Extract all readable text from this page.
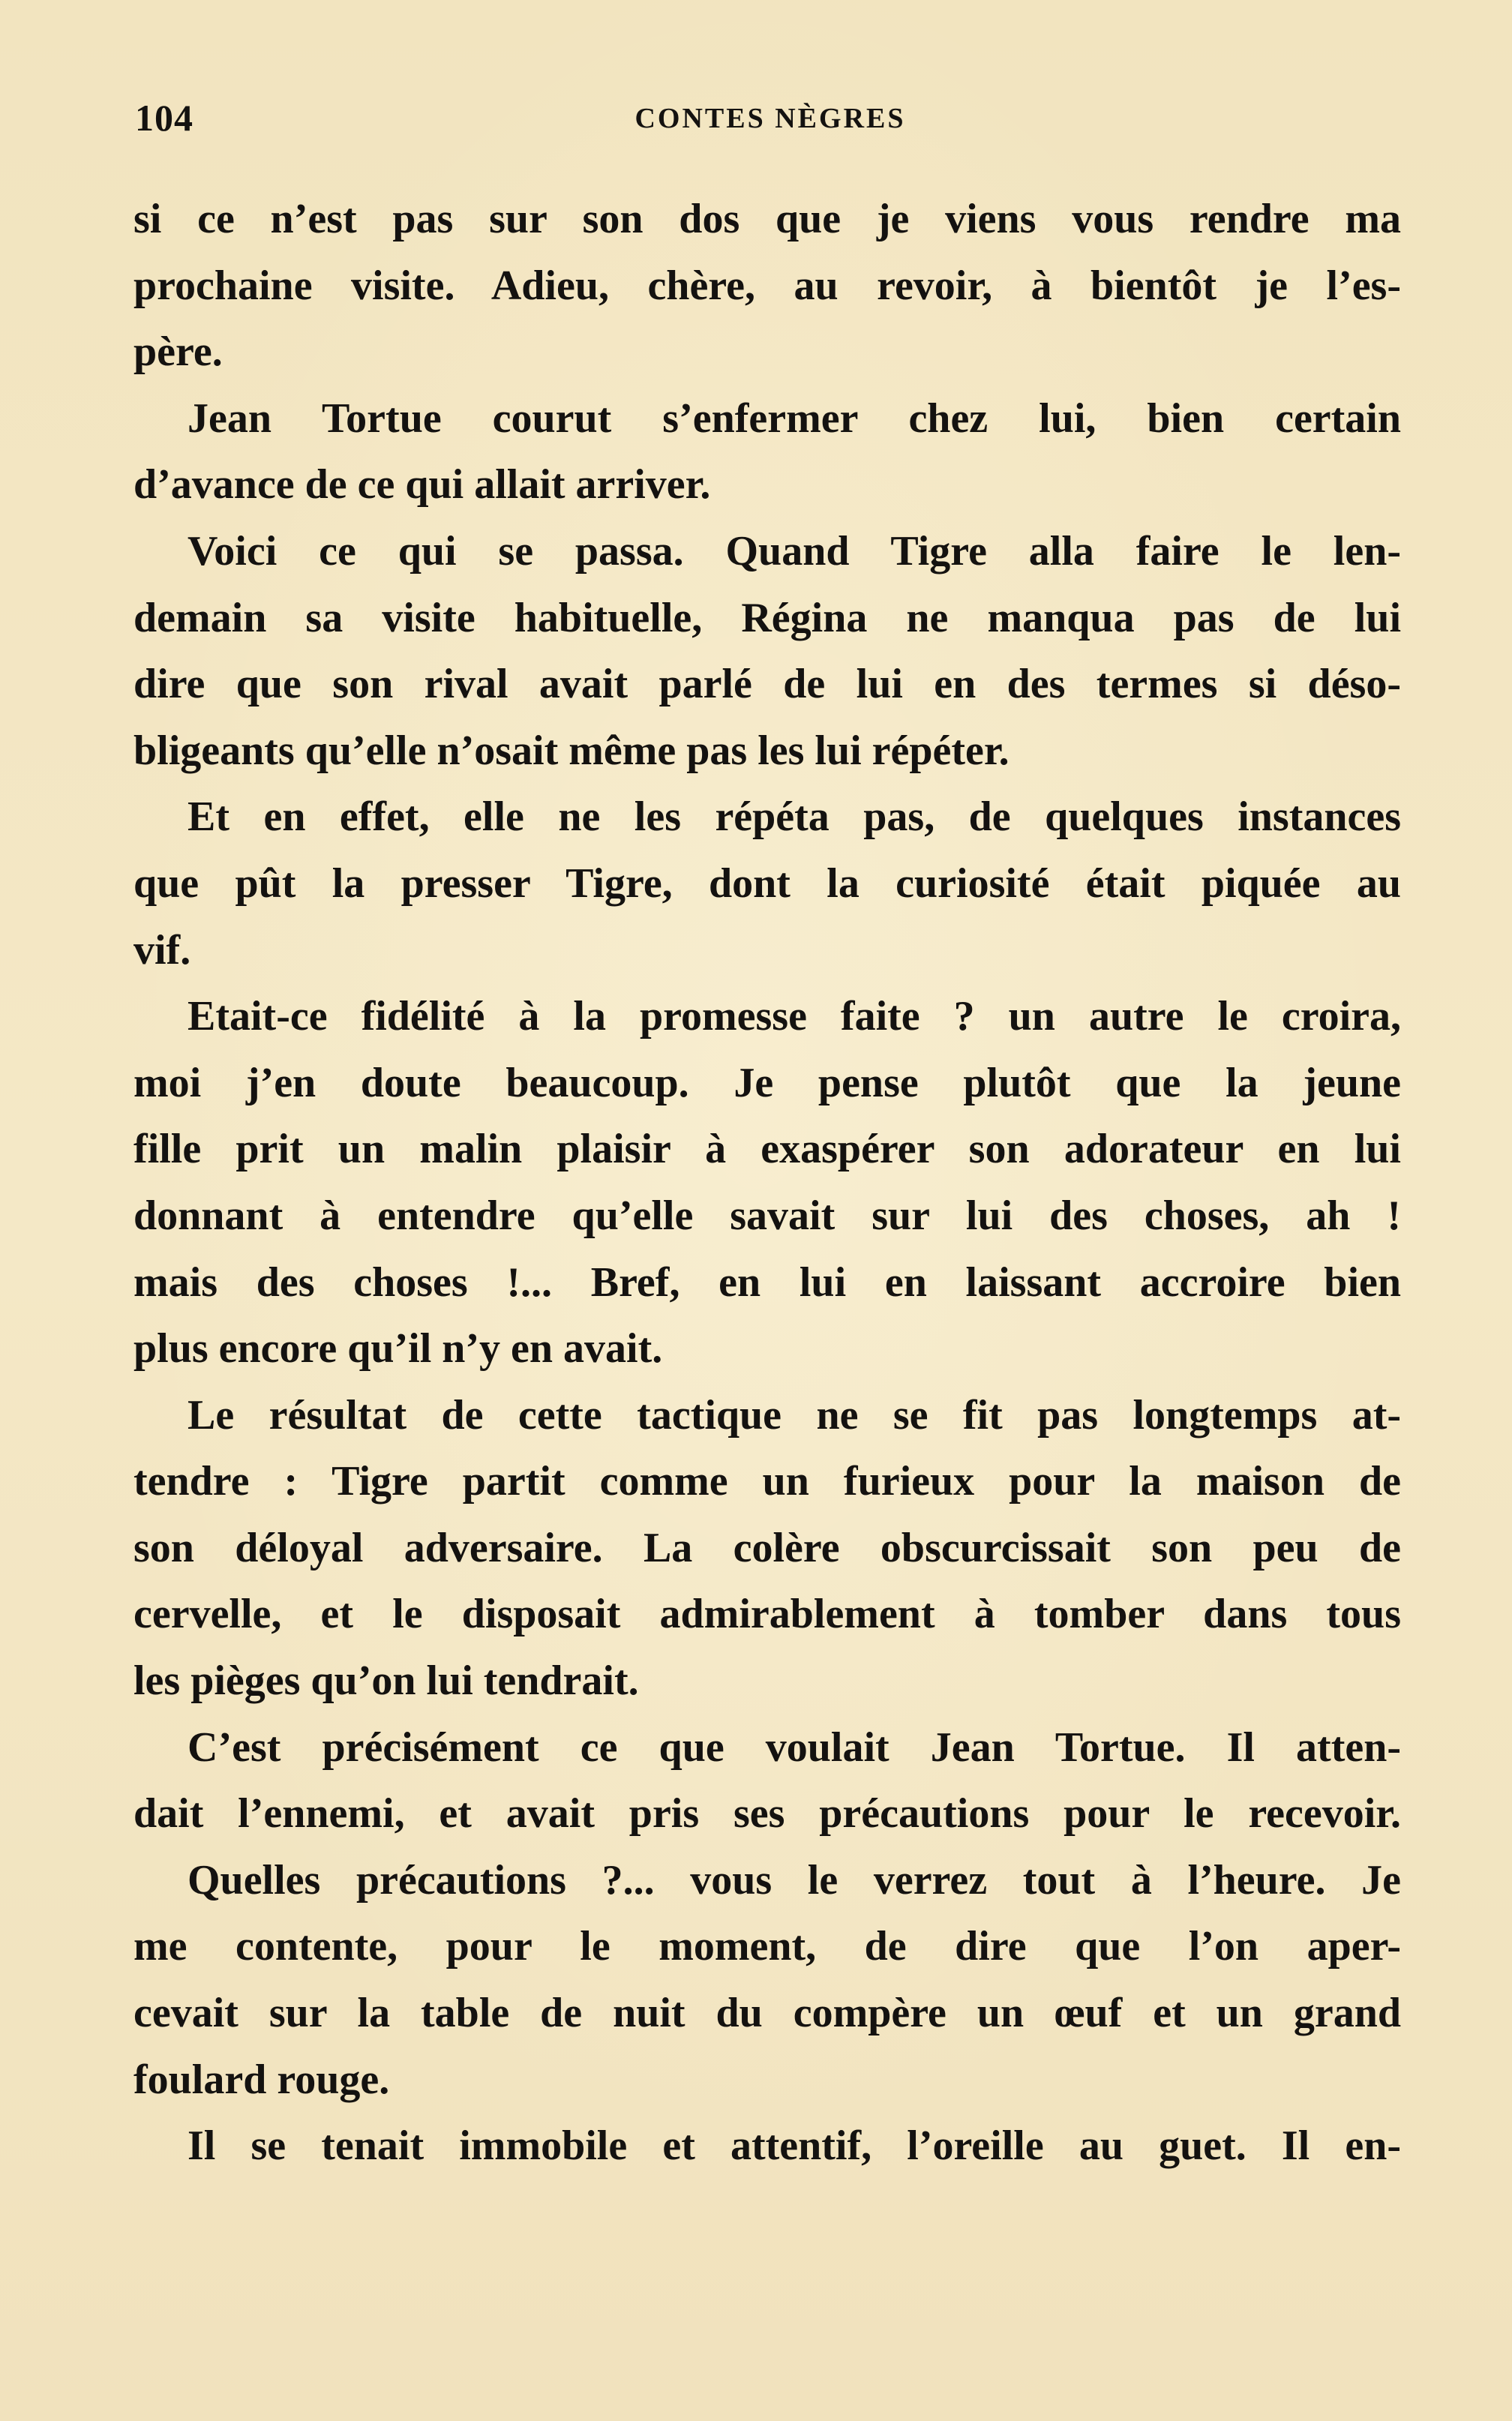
104	CONTES NÈGRES
si ce n’est pas sur son dos que je viens vous rendre ma
prochaine visite. Adieu, chère, au revoir, à bientôt je l’es-
père.
Jean Tortue courut s’enfermer chez lui, bien certain
d’avance de ce qui allait arriver.
Voici ce qui se passa. Quand Tigre alla faire le len-
demain sa visite habituelle, Régina ne manqua pas de lui
dire que son rival avait parlé de lui en des termes si déso-
bligeants qu’elle n’osait même pas les lui répéter.
Et en effet, elle ne les répéta pas, de quelques instances
que pût la presser Tigre, dont la curiosité était piquée au
vif.
Etait-ce fidélité à la promesse faite ? un autre le croira,
moi j’en doute beaucoup. Je pense plutôt que la jeune
fille prit un malin plaisir à exaspérer son adorateur en lui
donnant à entendre qu’elle savait sur lui des choses, ah !
mais des choses !... Bref, en lui en laissant accroire bien
plus encore qu’il n’y en avait.
Le résultat de cette tactique ne se fit pas longtemps at-
tendre : Tigre partit comme un furieux pour la maison de
son déloyal adversaire. La colère obscurcissait son peu de
cervelle, et le disposait admirablement à tomber dans tous
les pièges qu’on lui tendrait.
C’est précisément ce que voulait Jean Tortue. Il atten-
dait l’ennemi, et avait pris ses précautions pour le recevoir.
Quelles précautions ?... vous le verrez tout à l’heure. Je
me contente, pour le moment, de dire que l’on aper-
cevait sur la table de nuit du compère un œuf et un grand
foulard rouge.
Il se tenait immobile et attentif, l’oreille au guet. Il en-
